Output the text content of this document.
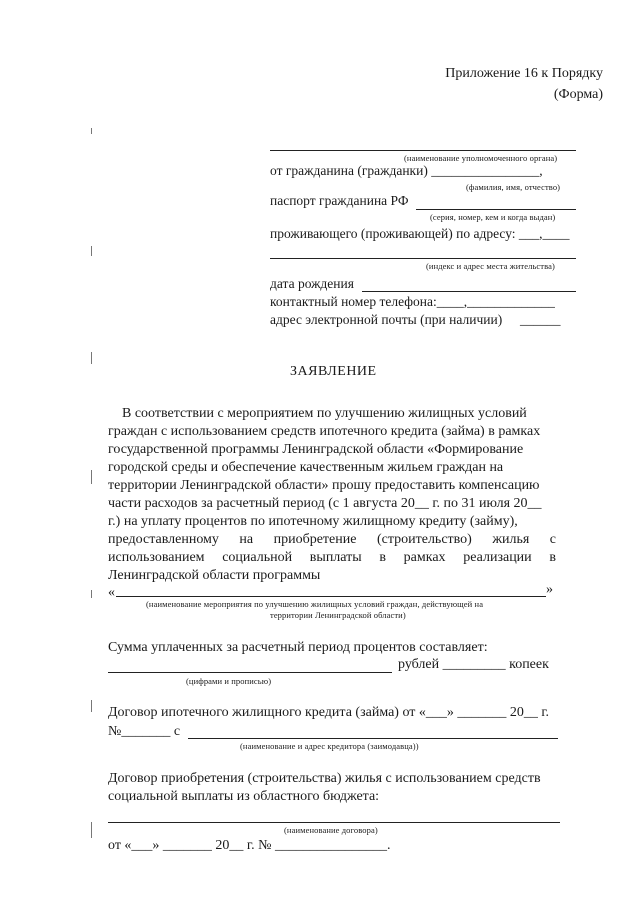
Приложение 16 к Порядку
(Форма)
(наименование уполномоченного органа)
от гражданина (гражданки) ________________,
(фамилия, имя, отчество)
паспорт гражданина РФ
(серия, номер, кем и когда выдан)
проживающего (проживающей) по адресу: ___,____
(индекс и адрес места жительства)
дата рождения
контактный номер телефона:____,_____________
адрес электронной почты (при наличии) ______
ЗАЯВЛЕНИЕ
В соответствии с мероприятием по улучшению жилищных условий
граждан с использованием средств ипотечного кредита (займа) в рамках
государственной программы Ленинградской области «Формирование
городской среды и обеспечение качественным жильем граждан на
территории Ленинградской области» прошу предоставить компенсацию
части расходов за расчетный период (с 1 августа 20__ г. по 31 июля 20__
г.) на уплату процентов по ипотечному жилищному кредиту (займу),
предоставленному на приобретение (строительство) жилья с
использованием социальной выплаты в рамках реализации в
Ленинградской области программы
«	»
(наименование мероприятия по улучшению жилищных условий граждан, действующей на
территории Ленинградской области)
Сумма уплаченных за расчетный период процентов составляет:
рублей _________ копеек
(цифрами и прописью)
Договор ипотечного жилищного кредита (займа) от «___» _______ 20__ г.
№_______ с
(наименование и адрес кредитора (заимодавца))
Договор приобретения (строительства) жилья с использованием средств
социальной выплаты из областного бюджета:
(наименование договора)
от «___» _______ 20__ г. № ________________.
